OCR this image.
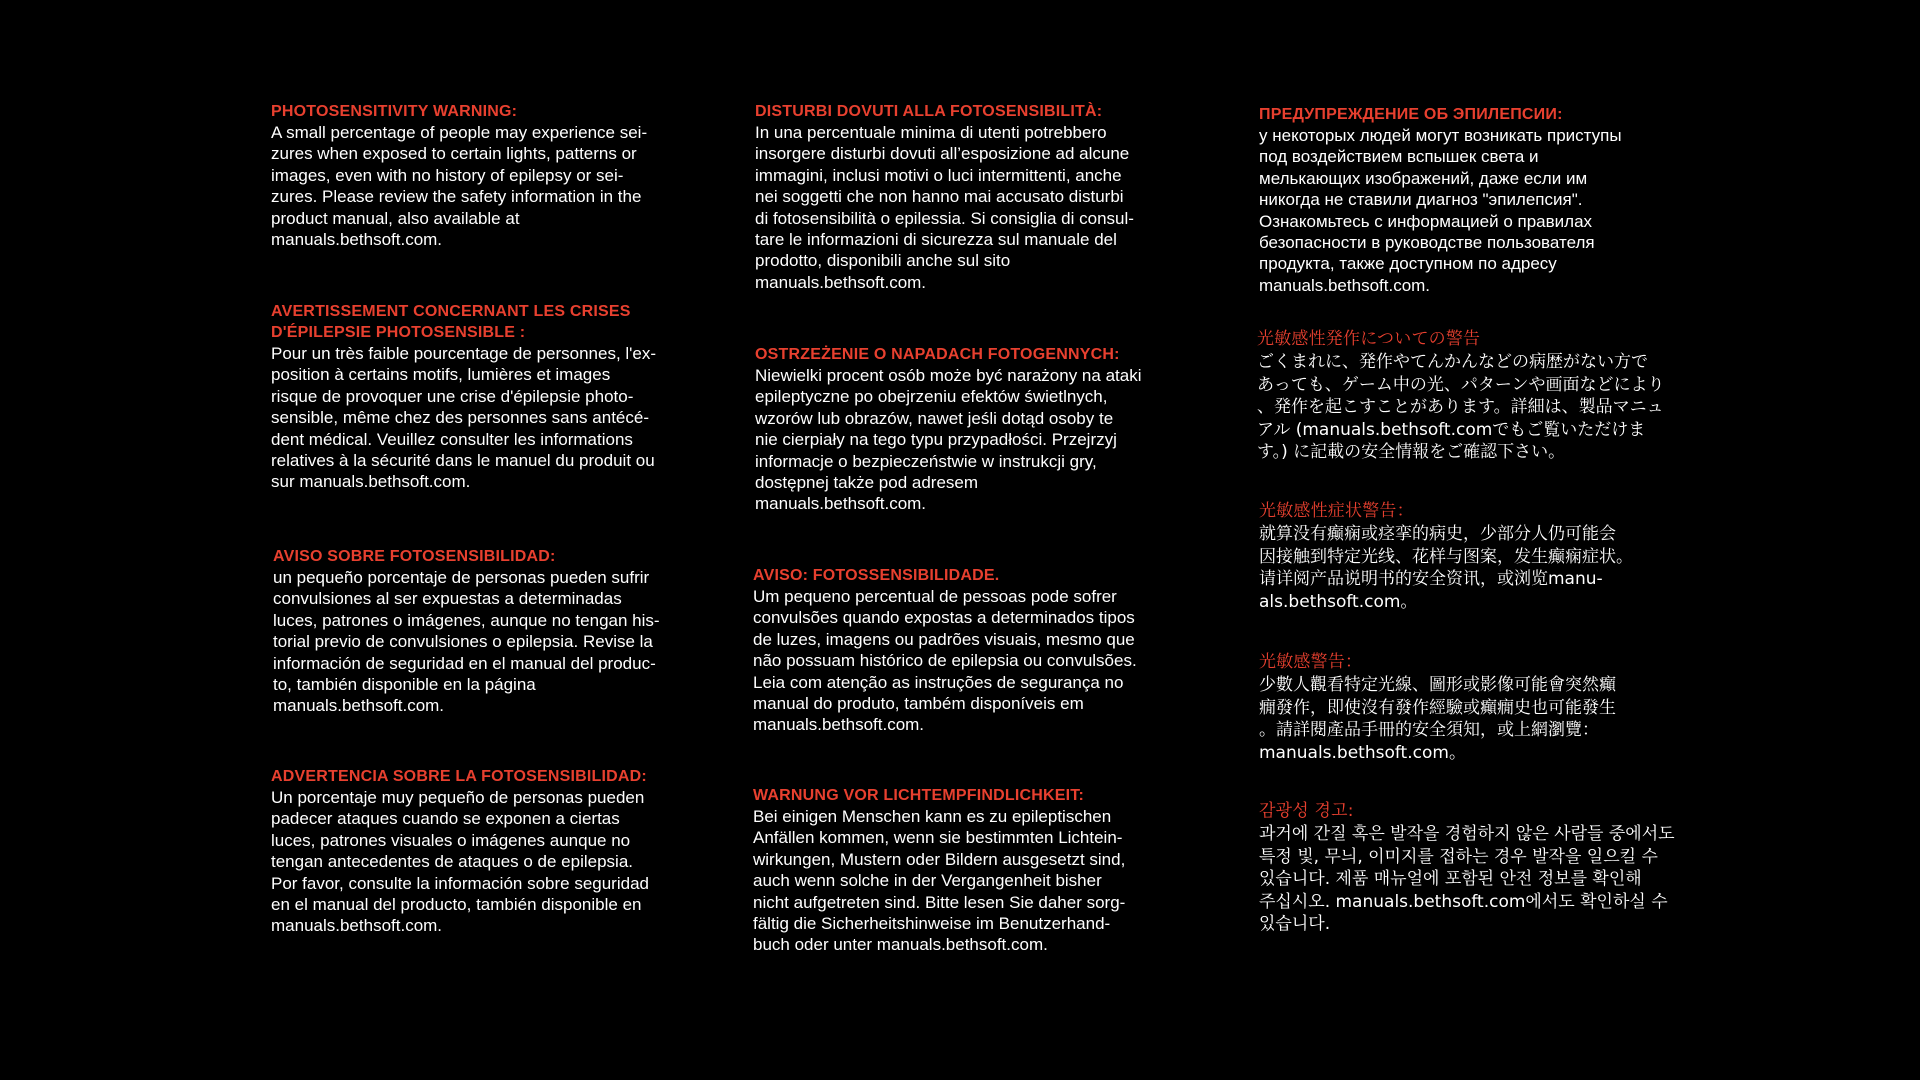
PHOTOSENSITIVITY WARNING:

A small percentage of people may experience sei-
zures when exposed to certain lights, patterns or
images, even with no history of epilepsy or sei-
zures. Please review the safety information in the
product manual, also available at
manuals.bethsoft.com.

AVERTISSEMENT CONCERNANT LES CRISES
D'ÉPILEPSIE PHOTOSENSIBLE :

Pour un très faible pourcentage de personnes, l'ex-
position à certains motifs, lumières et images
risque de provoquer une crise d'épilepsie photo-
sensible, même chez des personnes sans antécé-
dent médical. Veuillez consulter les informations
relatives à la sécurité dans le manuel du produit ou
sur manuals.bethsoft.com.

AVISO SOBRE FOTOSENSIBILIDAD:

un pequeño porcentaje de personas pueden sufrir
convulsiones al ser expuestas a determinadas
luces, patrones o imágenes, aunque no tengan his-
torial previo de convulsiones o epilepsia. Revise la
información de seguridad en el manual del produc-
to, también disponible en la página
manuals.bethsoft.com.

ADVERTENCIA SOBRE LA FOTOSENSIBILIDAD:

Un porcentaje muy pequeño de personas pueden
padecer ataques cuando se exponen a ciertas
luces, patrones visuales o imágenes aunque no
tengan antecedentes de ataques o de epilepsia.
Por favor, consulte la información sobre seguridad
en el manual del producto, también disponible en
manuals.bethsoft.com.

DISTURBI DOVUTI ALLA FOTOSENSIBILITÀ:

In una percentuale minima di utenti potrebbero
insorgere disturbi dovuti all’esposizione ad alcune
immagini, inclusi motivi o luci intermittenti, anche
nei soggetti che non hanno mai accusato disturbi
di fotosensibilità o epilessia. Si consiglia di consul-
tare le informazioni di sicurezza sul manuale del
prodotto, disponibili anche sul sito
manuals.bethsoft.com.

OSTRZEŻENIE O NAPADACH FOTOGENNYCH:

Niewielki procent osób może być narażony na ataki
epileptyczne po obejrzeniu efektów świetlnych,
wzorów lub obrazów, nawet jeśli dotąd osoby te
nie cierpiały na tego typu przypadłości. Przejrzyj
informacje o bezpieczeństwie w instrukcji gry,
dostępnej także pod adresem
manuals.bethsoft.com.

AVISO: FOTOSSENSIBILIDADE.

Um pequeno percentual de pessoas pode sofrer
convulsões quando expostas a determinados tipos
de luzes, imagens ou padrões visuais, mesmo que
não possuam histórico de epilepsia ou convulsões.
Leia com atenção as instruções de segurança no
manual do produto, também disponíveis em
manuals.bethsoft.com.

WARNUNG VOR LICHTEMPFINDLICHKEIT:

Bei einigen Menschen kann es zu epileptischen
Anfällen kommen, wenn sie bestimmten Lichtein-
wirkungen, Mustern oder Bildern ausgesetzt sind,
auch wenn solche in der Vergangenheit bisher
nicht aufgetreten sind. Bitte lesen Sie daher sorg-
fältig die Sicherheitshinweise im Benutzerhand-
buch oder unter manuals.bethsoft.com.

ПРЕДУПРЕЖДЕНИЕ ОБ ЭПИЛЕПСИИ:

у некоторых людей могут возникать приступы
под воздействием вспышек света и
мелькающих изображений, даже если им
никогда не ставили диагноз "эпилепсия".
Ознакомьтесь с информацией о правилах
безопасности в руководстве пользователя
продукта, также доступном по адресу
manuals.bethsoft.com.

光敏感性発作についての警告

ごくまれに、発作やてんかんなどの病歴がない方で
あっても、ゲーム中の光、パターンや画面などにより
、発作を起こすことがあります。詳細は、製品マニュ
アル (manuals.bethsoft.comでもご覧いただけま
す。) に記載の安全情報をご確認下さい。

光敏感性症状警告：

就算没有癫痫或痉挛的病史，少部分人仍可能会
因接触到特定光线、花样与图案，发生癫痫症状。
请详阅产品说明书的安全资讯，或浏览manu-
als.bethsoft.com。

光敏感警告：

少數人觀看特定光線、圖形或影像可能會突然癲
癇發作，即使沒有發作經驗或癲癇史也可能發生
。請詳閱產品手冊的安全須知，或上網瀏覽：
manuals.bethsoft.com。

감광성 경고:

과거에 간질 혹은 발작을 경험하지 않은 사람들 중에서도
특정 빛, 무늬, 이미지를 접하는 경우 발작을 일으킬 수
있습니다. 제품 매뉴얼에 포함된 안전 정보를 확인해
주십시오. manuals.bethsoft.com에서도 확인하실 수
있습니다.
